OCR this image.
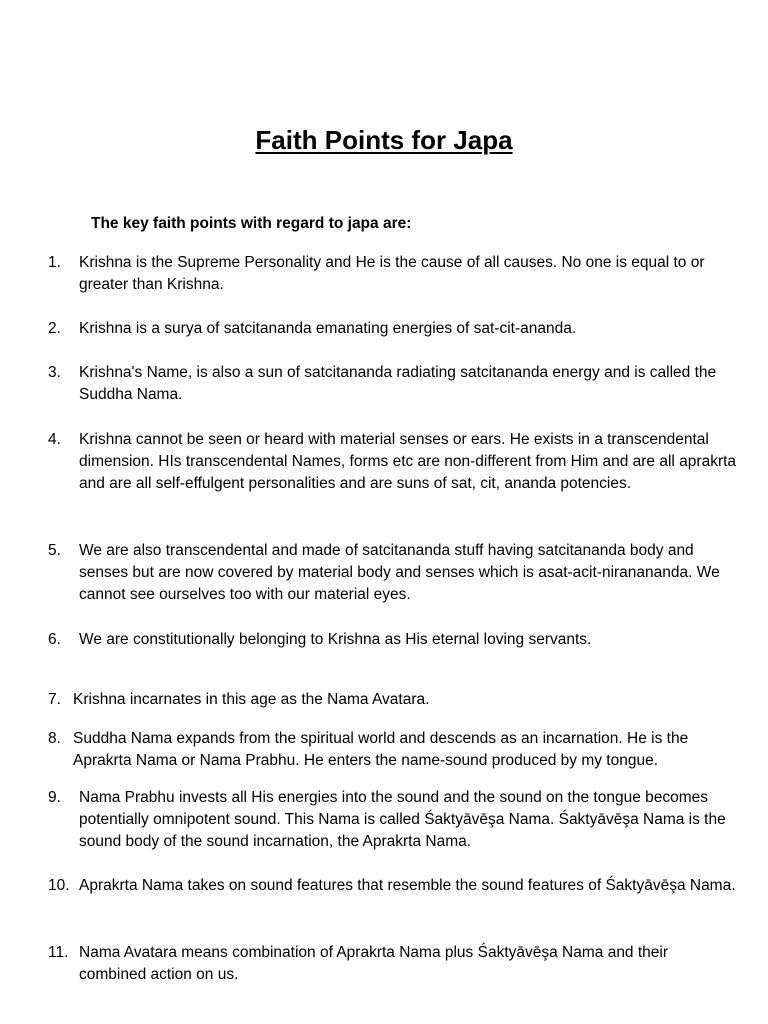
Faith Points for Japa
The key faith points with regard to japa are:
1. Krishna is the Supreme Personality and He is the cause of all causes. No one is equal to or greater than Krishna.
2. Krishna is a surya of satcitananda emanating energies of sat-cit-ananda.
3. Krishna's Name, is also a sun of satcitananda radiating satcitananda energy and is called the Suddha Nama.
4. Krishna cannot be seen or heard with material senses or ears. He exists in a transcendental dimension. HIs transcendental Names, forms etc are non-different from Him and are all aprakrta and are all self-effulgent personalities and are suns of sat, cit, ananda potencies.
5. We are also transcendental and made of satcitananda stuff having satcitananda body and senses but are now covered by material body and senses which is asat-acit-niranananda. We cannot see ourselves too with our material eyes.
6. We are constitutionally belonging to Krishna as His eternal loving servants.
7. Krishna incarnates in this age as the Nama Avatara.
8. Suddha Nama expands from the spiritual world and descends as an incarnation. He is the Aprakrta Nama or Nama Prabhu. He enters the name-sound produced by my tongue.
9. Nama Prabhu invests all His energies into the sound and the sound on the tongue becomes potentially omnipotent sound. This Nama is called Śaktyāvēşa Nama. Śaktyāvēşa Nama is the sound body of the sound incarnation, the Aprakrta Nama.
10. Aprakrta Nama takes on sound features that resemble the sound features of Śaktyāvēşa Nama.
11. Nama Avatara means combination of Aprakrta Nama plus Śaktyāvēşa Nama and their combined action on us.
